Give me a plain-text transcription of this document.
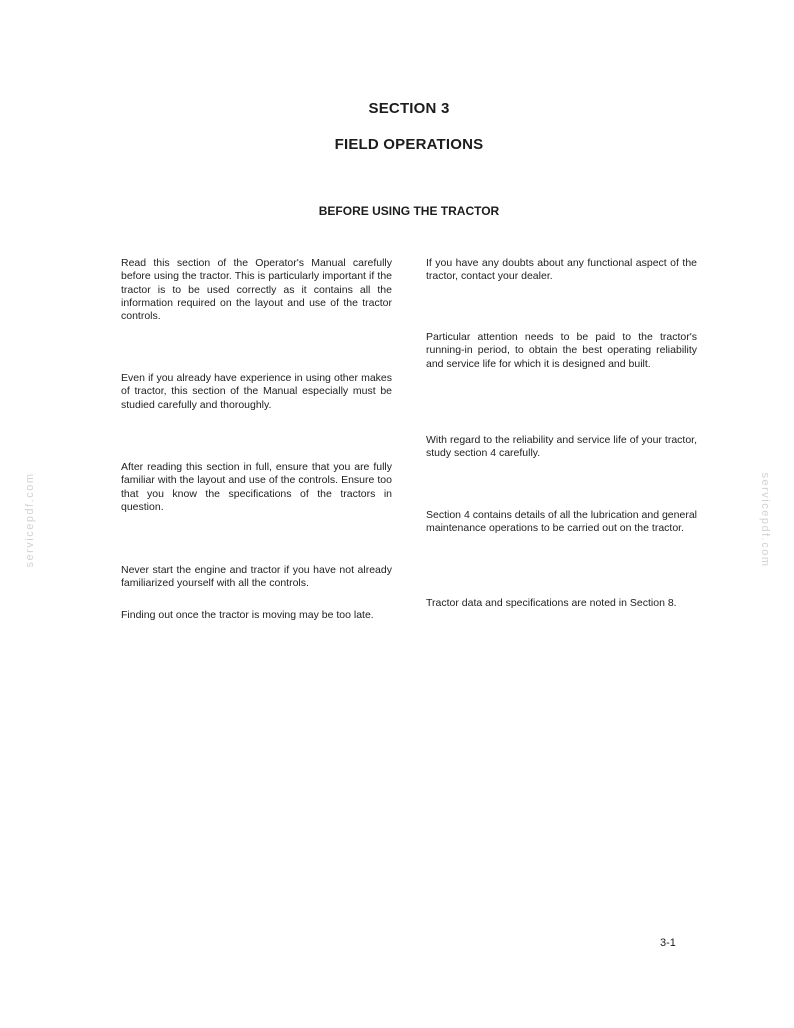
SECTION 3
FIELD OPERATIONS
BEFORE USING THE TRACTOR

Read this section of the Operator's Manual carefully before using the tractor. This is particularly important if the tractor is to be used correctly as it contains all the information required on the layout and use of the tractor controls.

Even if you already have experience in using other makes of tractor, this section of the Manual especially must be studied carefully and thoroughly.

After reading this section in full, ensure that you are fully familiar with the layout and use of the controls. Ensure too that you know the specifications of the tractors in question.

Never start the engine and tractor if you have not already familiarized yourself with all the controls.

Finding out once the tractor is moving may be too late.

If you have any doubts about any functional aspect of the tractor, contact your dealer.

Particular attention needs to be paid to the tractor's running-in period, to obtain the best operating reliability and service life for which it is designed and built.

With regard to the reliability and service life of your tractor, study section 4 carefully.

Section 4 contains details of all the lubrication and general maintenance operations to be carried out on the tractor.

Tractor data and specifications are noted in Section 8.

servicepdf.com	servicepdf.com

3-1
